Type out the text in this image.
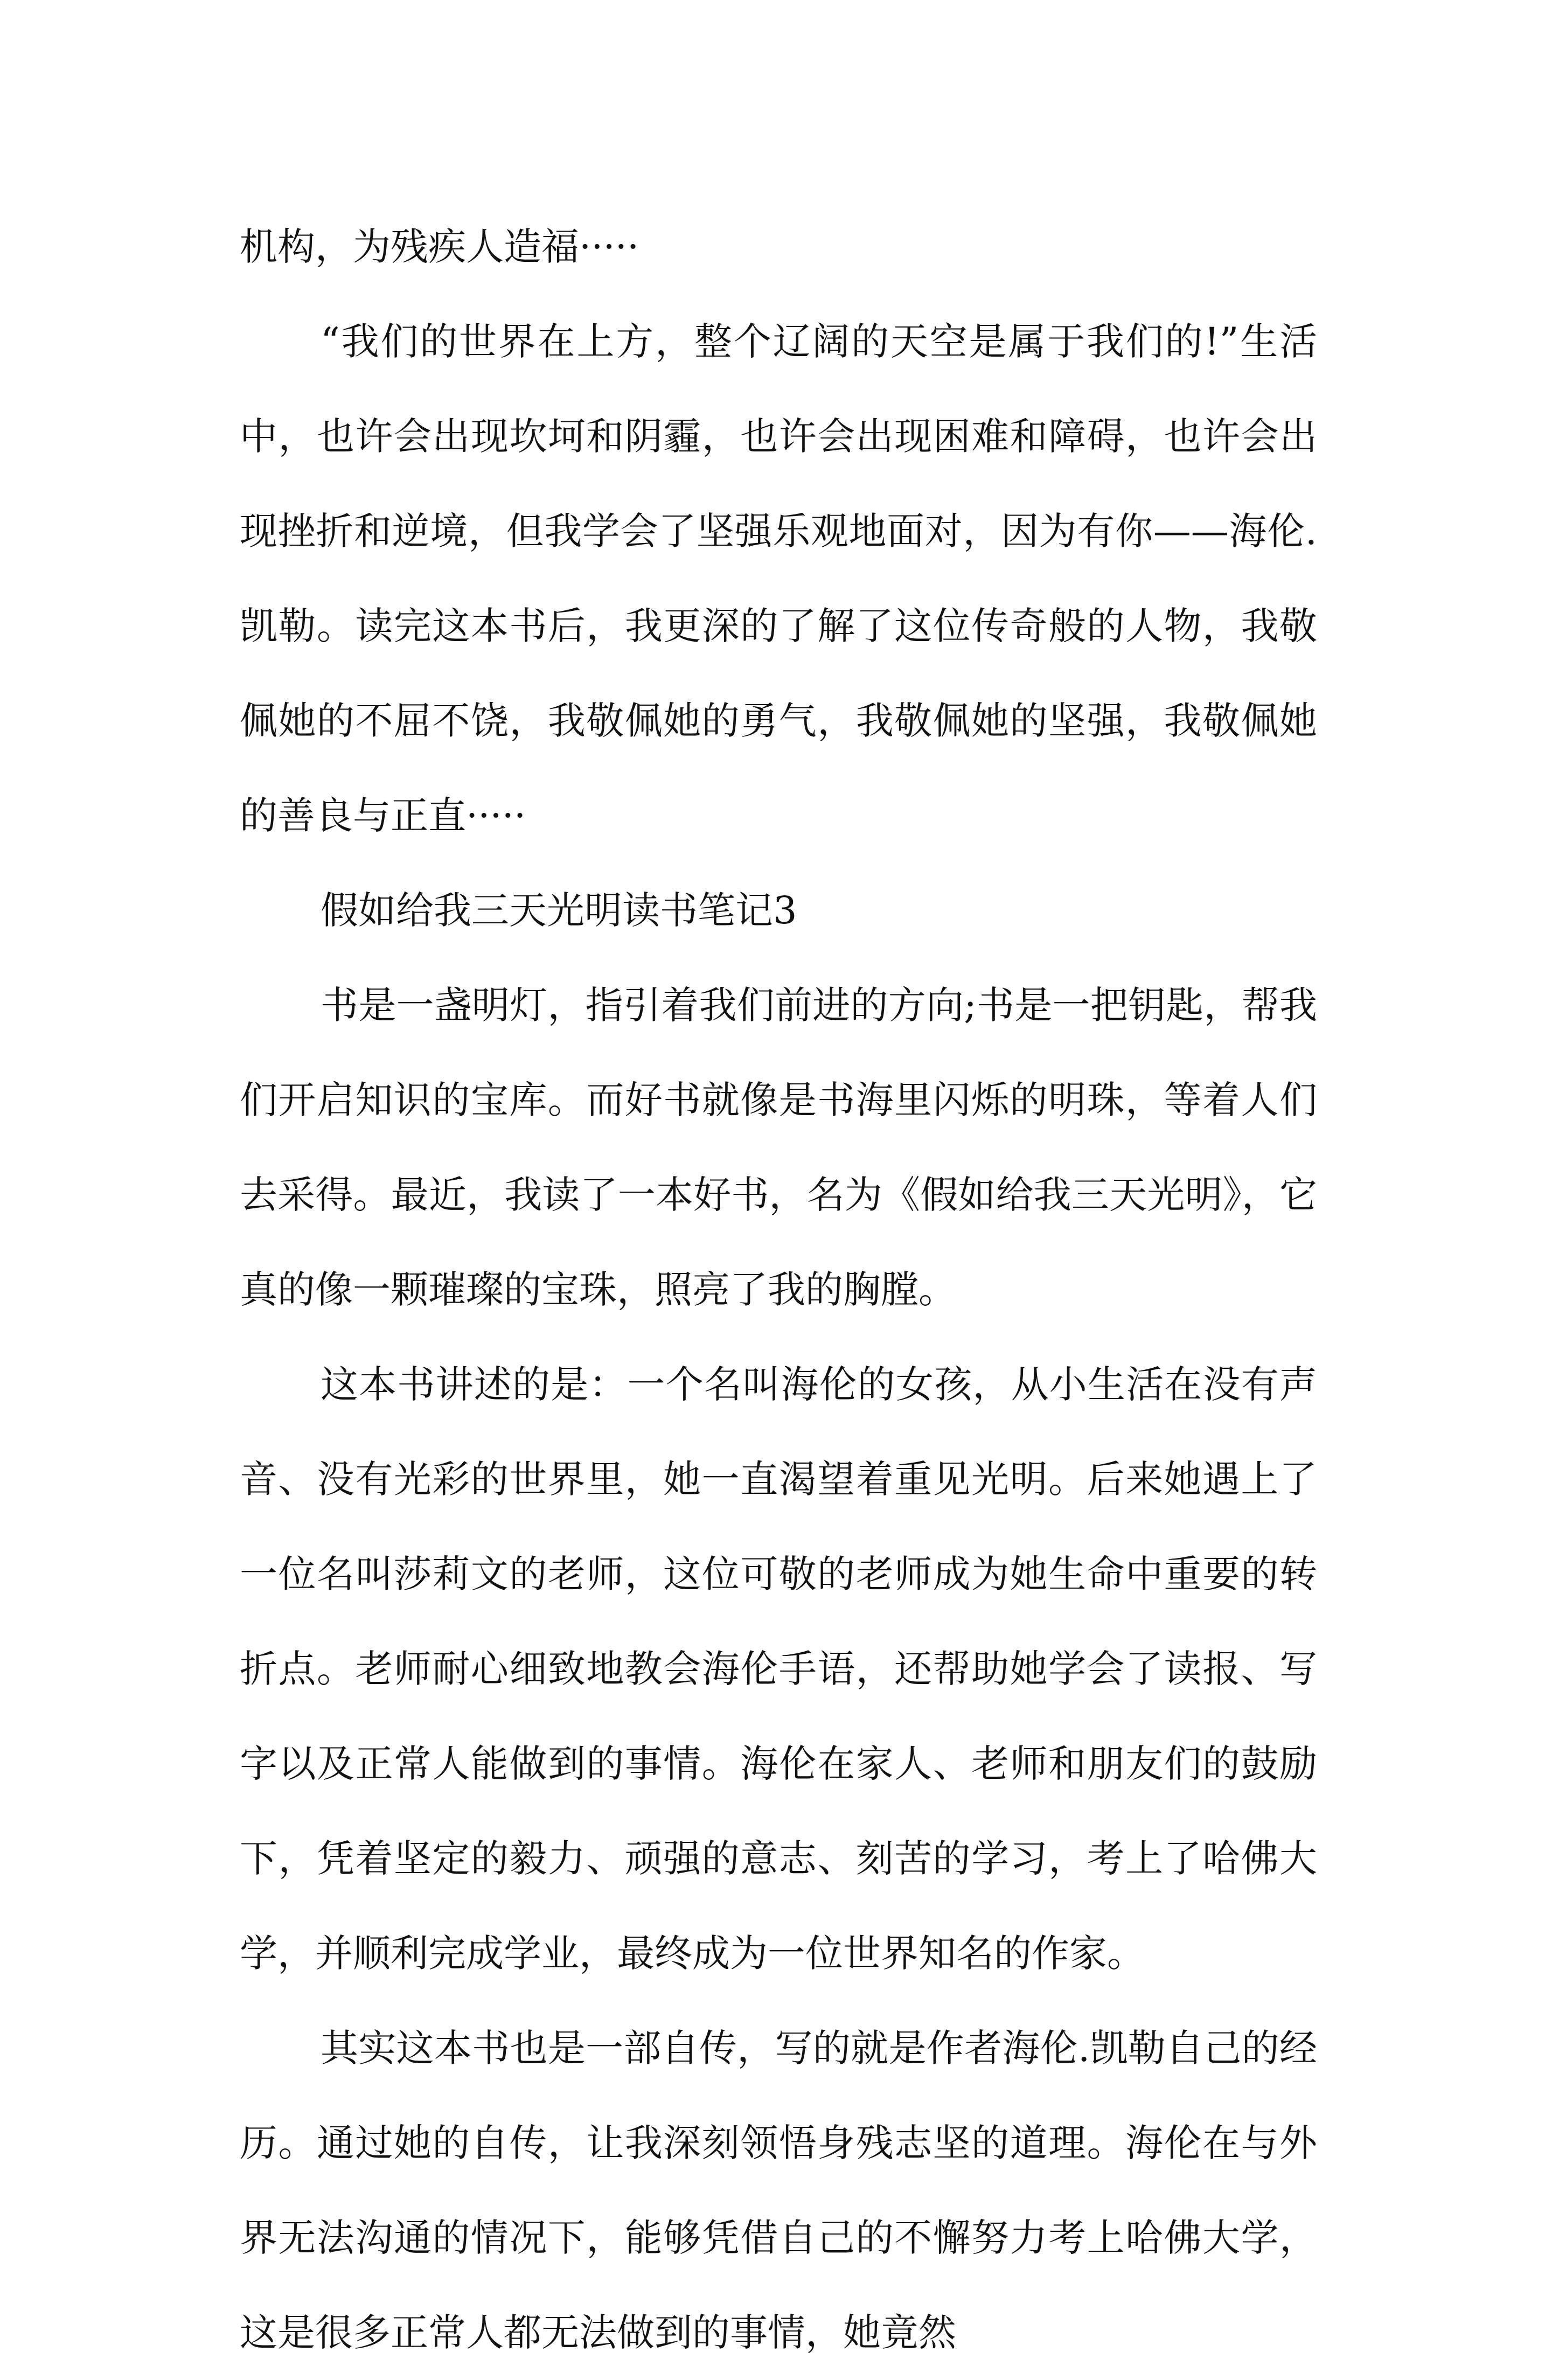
机构，为残疾人造福·····

“我们的世界在上方，整个辽阔的天空是属于我们的!”生活中，也许会出现坎坷和阴霾，也许会出现困难和障碍，也许会出现挫折和逆境，但我学会了坚强乐观地面对，因为有你——海伦.凯勒。读完这本书后，我更深的了解了这位传奇般的人物，我敬佩她的不屈不饶，我敬佩她的勇气，我敬佩她的坚强，我敬佩她的善良与正直·····

假如给我三天光明读书笔记3

书是一盏明灯，指引着我们前进的方向;书是一把钥匙，帮我们开启知识的宝库。而好书就像是书海里闪烁的明珠，等着人们去采得。最近，我读了一本好书，名为《假如给我三天光明》，它真的像一颗璀璨的宝珠，照亮了我的胸膛。

这本书讲述的是：一个名叫海伦的女孩，从小生活在没有声音、没有光彩的世界里，她一直渴望着重见光明。后来她遇上了一位名叫莎莉文的老师，这位可敬的老师成为她生命中重要的转折点。老师耐心细致地教会海伦手语，还帮助她学会了读报、写字以及正常人能做到的事情。海伦在家人、老师和朋友们的鼓励下，凭着坚定的毅力、顽强的意志、刻苦的学习，考上了哈佛大学，并顺利完成学业，最终成为一位世界知名的作家。

其实这本书也是一部自传，写的就是作者海伦.凯勒自己的经历。通过她的自传，让我深刻领悟身残志坚的道理。海伦在与外界无法沟通的情况下，能够凭借自己的不懈努力考上哈佛大学，这是很多正常人都无法做到的事情，她竟然
